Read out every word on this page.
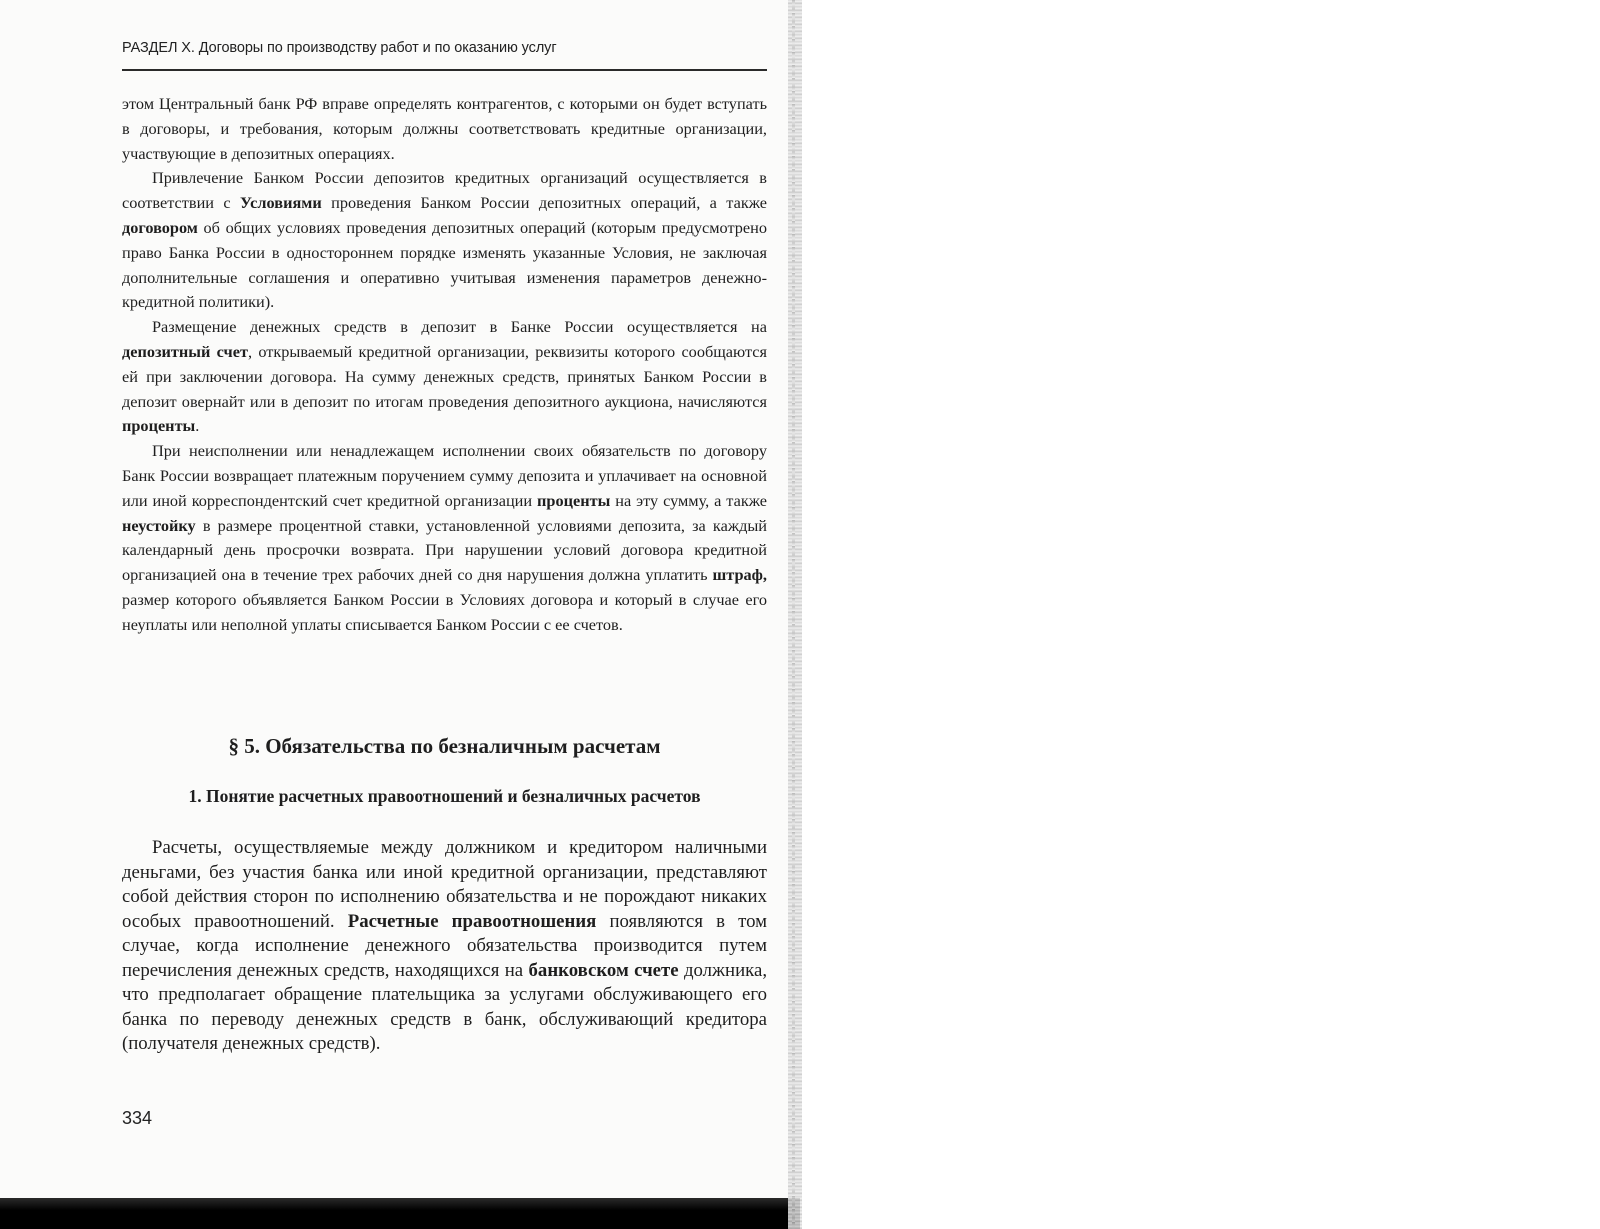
РАЗДЕЛ X. Договоры по производству работ и по оказанию услуг

этом Центральный банк РФ вправе определять контрагентов, с которыми он будет вступать в договоры, и требования, которым должны соответствовать кредитные организации, участвующие в депозитных операциях.

Привлечение Банком России депозитов кредитных организаций осуществляется в соответствии с Условиями проведения Банком России депозитных операций, а также договором об общих условиях проведения депозитных операций (которым предусмотрено право Банка России в одностороннем порядке изменять указанные Условия, не заключая дополнительные соглашения и оперативно учитывая изменения параметров денежно-кредитной политики).

Размещение денежных средств в депозит в Банке России осуществляется на депозитный счет, открываемый кредитной организации, реквизиты которого сообщаются ей при заключении договора. На сумму денежных средств, принятых Банком России в депозит овернайт или в депозит по итогам проведения депозитного аукциона, начисляются проценты.

При неисполнении или ненадлежащем исполнении своих обязательств по договору Банк России возвращает платежным поручением сумму депозита и уплачивает на основной или иной корреспондентский счет кредитной организации проценты на эту сумму, а также неустойку в размере процентной ставки, установленной условиями депозита, за каждый календарный день просрочки возврата. При нарушении условий договора кредитной организацией она в течение трех рабочих дней со дня нарушения должна уплатить штраф, размер которого объявляется Банком России в Условиях договора и который в случае его неуплаты или неполной уплаты списывается Банком России с ее счетов.

§ 5. Обязательства по безналичным расчетам
1. Понятие расчетных правоотношений и безналичных расчетов

Расчеты, осуществляемые между должником и кредитором наличными деньгами, без участия банка или иной кредитной организации, представляют собой действия сторон по исполнению обязательства и не порождают никаких особых правоотношений. Расчетные правоотношения появляются в том случае, когда исполнение денежного обязательства производится путем перечисления денежных средств, находящихся на банковском счете должника, что предполагает обращение плательщика за услугами обслуживающего его банка по переводу денежных средств в банк, обслуживающий кредитора (получателя денежных средств).

334
